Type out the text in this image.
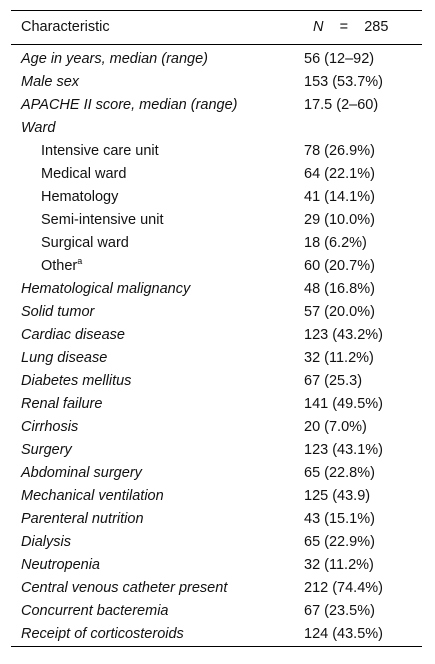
Characteristic	N = 285
Age in years, median (range)	56 (12–92)
Male sex	153 (53.7%)
APACHE II score, median (range)	17.5 (2–60)
Ward
Intensive care unit	78 (26.9%)
Medical ward	64 (22.1%)
Hematology	41 (14.1%)
Semi-intensive unit	29 (10.0%)
Surgical ward	18 (6.2%)
Other$^a$	60 (20.7%)
Hematological malignancy	48 (16.8%)
Solid tumor	57 (20.0%)
Cardiac disease	123 (43.2%)
Lung disease	32 (11.2%)
Diabetes mellitus	67 (25.3)
Renal failure	141 (49.5%)
Cirrhosis	20 (7.0%)
Surgery	123 (43.1%)
Abdominal surgery	65 (22.8%)
Mechanical ventilation	125 (43.9)
Parenteral nutrition	43 (15.1%)
Dialysis	65 (22.9%)
Neutropenia	32 (11.2%)
Central venous catheter present	212 (74.4%)
Concurrent bacteremia	67 (23.5%)
Receipt of corticosteroids	124 (43.5%)
